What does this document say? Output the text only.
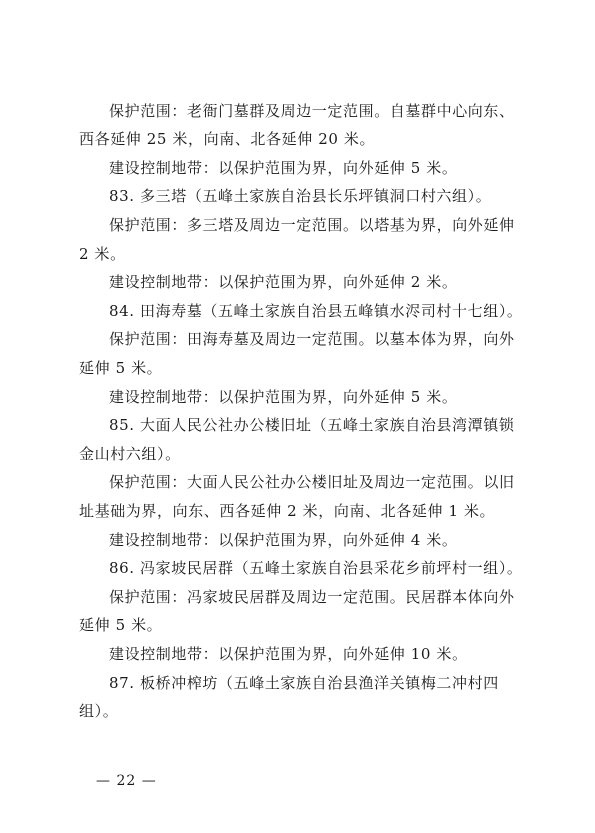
保护范围：老衙门墓群及周边一定范围。自墓群中心向东、
西各延伸 25 米，向南、北各延伸 20 米。
建设控制地带：以保护范围为界，向外延伸 5 米。
83. 多三塔（五峰土家族自治县长乐坪镇洞口村六组）。
保护范围：多三塔及周边一定范围。以塔基为界，向外延伸
2 米。
建设控制地带：以保护范围为界，向外延伸 2 米。
84. 田海寿墓（五峰土家族自治县五峰镇水浕司村十七组）。
保护范围：田海寿墓及周边一定范围。以墓本体为界，向外
延伸 5 米。
建设控制地带：以保护范围为界，向外延伸 5 米。
85. 大面人民公社办公楼旧址（五峰土家族自治县湾潭镇锁
金山村六组）。
保护范围：大面人民公社办公楼旧址及周边一定范围。以旧
址基础为界，向东、西各延伸 2 米，向南、北各延伸 1 米。
建设控制地带：以保护范围为界，向外延伸 4 米。
86. 冯家坡民居群（五峰土家族自治县采花乡前坪村一组）。
保护范围：冯家坡民居群及周边一定范围。民居群本体向外
延伸 5 米。
建设控制地带：以保护范围为界，向外延伸 10 米。
87. 板桥冲榨坊（五峰土家族自治县渔洋关镇梅二冲村四
组）。
— 22 —
